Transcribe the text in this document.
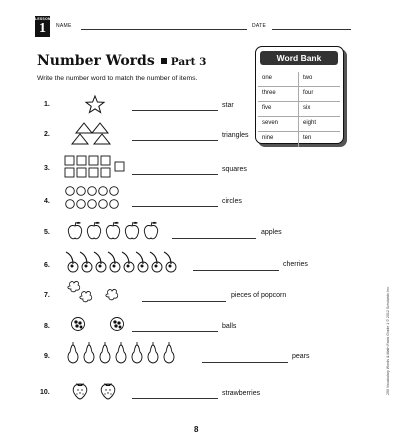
LESSON
1	NAME	DATE
Number Words Part 3
Write the number word to match the number of items.
Word Bank
one	two
three	four
five	six
seven	eight
nine	ten
1.	star
2.	triangles
3.	squares
4.	circles
5.	apples
6.	cherries
7.	pieces of popcorn
8.	balls
9.	pears
10.	strawberries	250 Vocabulary Words & Math Facts Grade 1 © 2012 Scholastic Inc.
8
